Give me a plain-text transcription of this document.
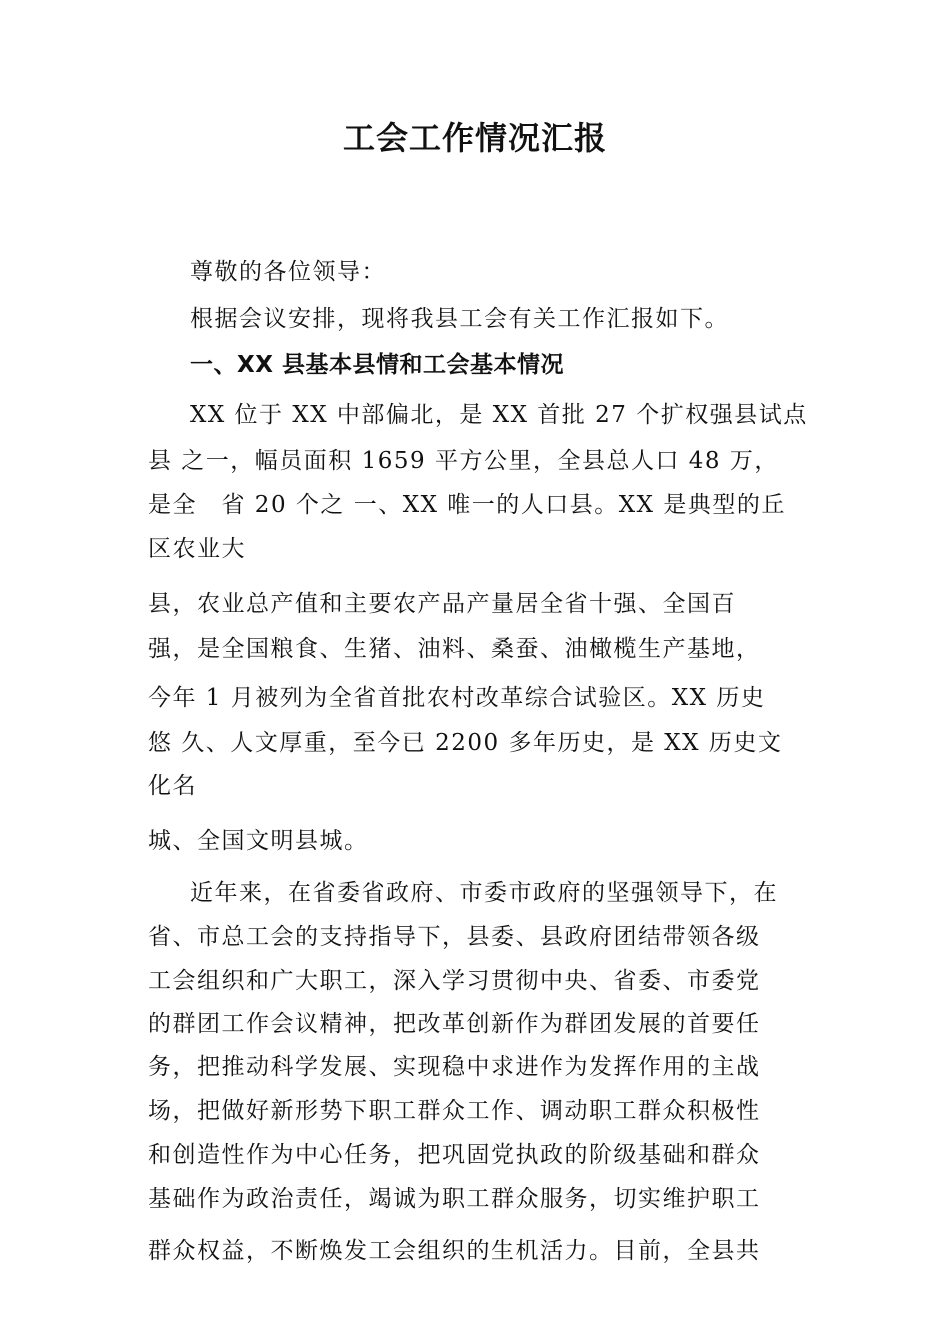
工会工作情况汇报

尊敬的各位领导：

根据会议安排，现将我县工会有关工作汇报如下。

一、XX 县基本县情和工会基本情况

XX 位于 XX 中部偏北，是 XX 首批 27 个扩权强县试点

县 之一，幅员面积 1659 平方公里，全县总人口 48 万，

是全　省 20 个之 一、XX 唯一的人口县。XX 是典型的丘

区农业大

县，农业总产值和主要农产品产量居全省十强、全国百

强，是全国粮食、生猪、油料、桑蚕、油橄榄生产基地，

今年 1 月被列为全省首批农村改革综合试验区。XX 历史

悠 久、人文厚重，至今已 2200 多年历史，是 XX 历史文

化名

城、全国文明县城。

近年来，在省委省政府、市委市政府的坚强领导下，在

省、市总工会的支持指导下，县委、县政府团结带领各级

工会组织和广大职工，深入学习贯彻中央、省委、市委党

的群团工作会议精神，把改革创新作为群团发展的首要任

务，把推动科学发展、实现稳中求进作为发挥作用的主战

场，把做好新形势下职工群众工作、调动职工群众积极性

和创造性作为中心任务，把巩固党执政的阶级基础和群众

基础作为政治责任，竭诚为职工群众服务，切实维护职工

群众权益，不断焕发工会组织的生机活力。目前，全县共
